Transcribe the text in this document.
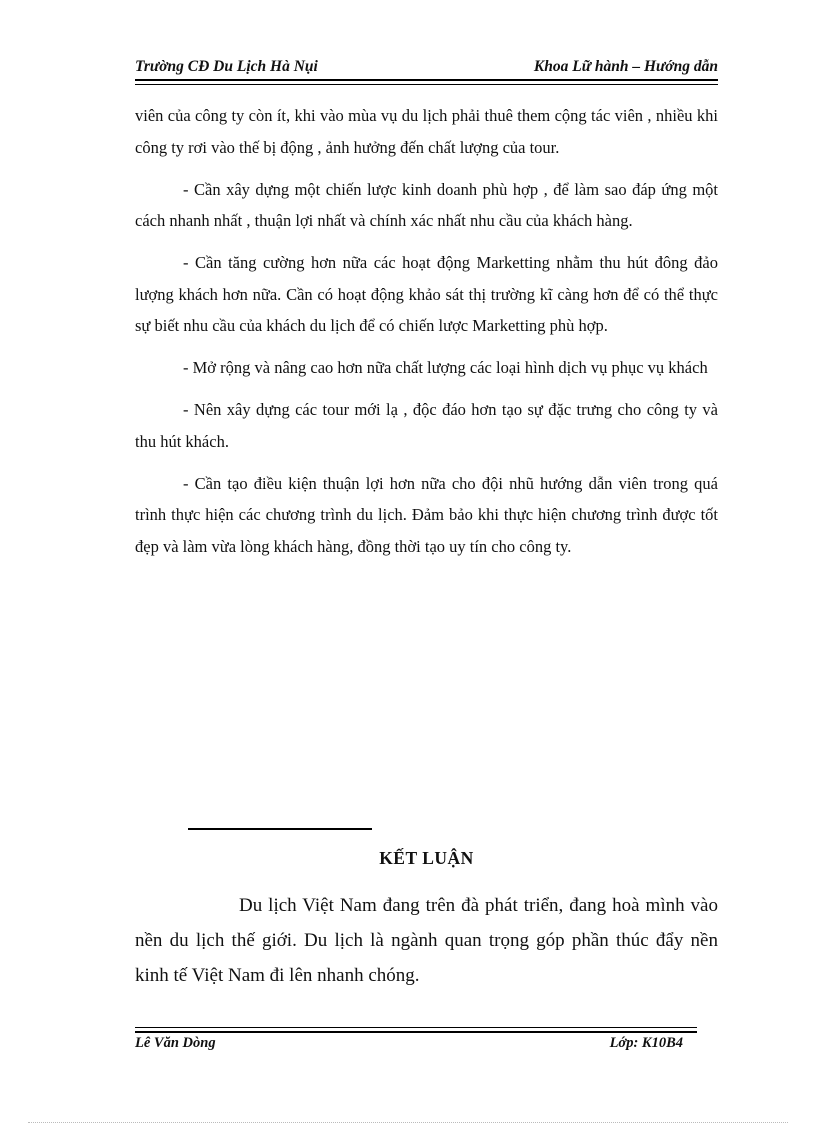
Trường CĐ Du Lịch Hà Nụi	Khoa Lữ hành – Hướng dẫn

viên của công ty còn ít, khi vào mùa vụ du lịch phải thuê them cộng tác viên , nhiều khi công ty rơi vào thế bị động , ảnh hưởng đến chất lượng của tour.

- Cần xây dựng một chiến lược kinh doanh phù hợp , để làm sao đáp ứng một cách nhanh nhất , thuận lợi nhất và chính xác nhất nhu cầu của khách hàng.

- Cần tăng cường hơn nữa các hoạt động Marketting nhằm thu hút đông đảo lượng khách hơn nữa. Cần có hoạt động khảo sát thị trường kĩ càng hơn để có thể thực sự biết nhu cầu của khách du lịch để có chiến lược Marketting phù hợp.

- Mở rộng và nâng cao hơn nữa chất lượng các loại hình dịch vụ phục vụ khách

- Nên xây dựng các tour mới lạ , độc đáo hơn tạo sự đặc trưng cho công ty và thu hút khách.

- Cần tạo điều kiện thuận lợi hơn nữa cho đội nhũ hướng dẫn viên trong quá trình thực hiện các chương trình du lịch. Đảm bảo khi thực hiện chương trình được tốt đẹp và làm vừa lòng khách hàng, đồng thời tạo uy tín cho công ty.

KẾT LUẬN

Du lịch Việt Nam đang trên đà phát triển, đang hoà mình vào nền du lịch thế giới. Du lịch là ngành quan trọng góp phần thúc đẩy nền kinh tế Việt Nam đi lên nhanh chóng.

Lê Văn Dòng	Lớp: K10B4
